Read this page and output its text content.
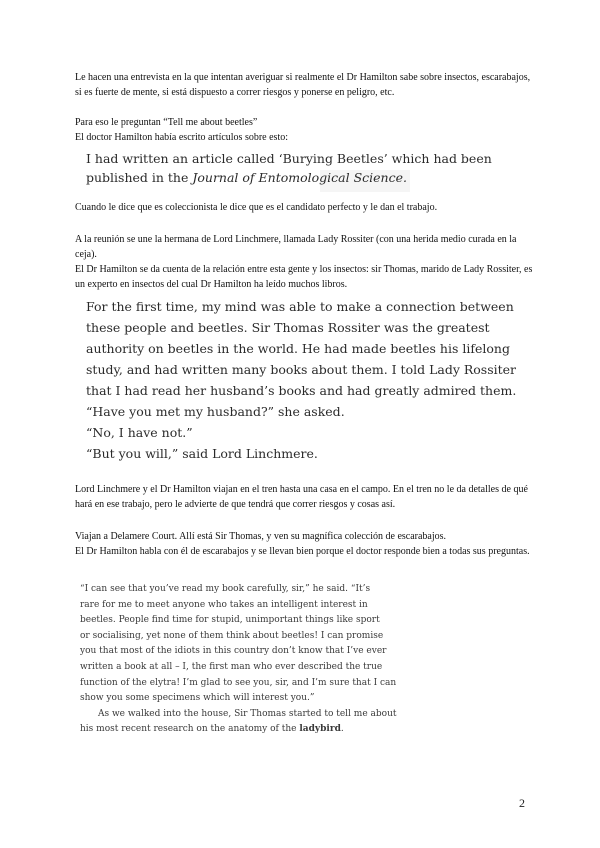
Le hacen una entrevista en la que intentan averiguar si realmente el Dr Hamilton sabe sobre insectos, escarabajos, si es fuerte de mente, si está dispuesto a correr riesgos y ponerse en peligro, etc.

Para eso le preguntan “Tell me about beetles”

El doctor Hamilton había escrito artículos sobre esto:

I had written an article called ‘Burying Beetles’ which had been

published in the Journal of Entomological Science.

Cuando le dice que es coleccionista le dice que es el candidato perfecto y le dan el trabajo.

A la reunión se une la hermana de Lord Linchmere, llamada Lady Rossiter (con una herida medio curada en la ceja).

El Dr Hamilton se da cuenta de la relación entre esta gente y los insectos: sir Thomas, marido de Lady Rossiter, es un experto en insectos del cual Dr Hamilton ha leído muchos libros.

For the first time, my mind was able to make a connection between

these people and beetles. Sir Thomas Rossiter was the greatest

authority on beetles in the world. He had made beetles his lifelong

study, and had written many books about them. I told Lady Rossiter

that I had read her husband’s books and had greatly admired them.

“Have you met my husband?” she asked.

“No, I have not.”

“But you will,” said Lord Linchmere.

Lord Linchmere y el Dr Hamilton viajan en el tren hasta una casa en el campo. En el tren no le da detalles de qué hará en ese trabajo, pero le advierte de que tendrá que correr riesgos y cosas así.

Viajan a Delamere Court. Allí está Sir Thomas, y ven su magnífica colección de escarabajos.

El Dr Hamilton habla con él de escarabajos y se llevan bien porque el doctor responde bien a todas sus preguntas.

“I can see that you’ve read my book carefully, sir,” he said. “It’s

rare for me to meet anyone who takes an intelligent interest in

beetles. People find time for stupid, unimportant things like sport

or socialising, yet none of them think about beetles! I can promise

you that most of the idiots in this country don’t know that I’ve ever

written a book at all – I, the first man who ever described the true

function of the elytra! I’m glad to see you, sir, and I’m sure that I can

show you some specimens which will interest you.”

As we walked into the house, Sir Thomas started to tell me about

his most recent research on the anatomy of the ladybird.

2
